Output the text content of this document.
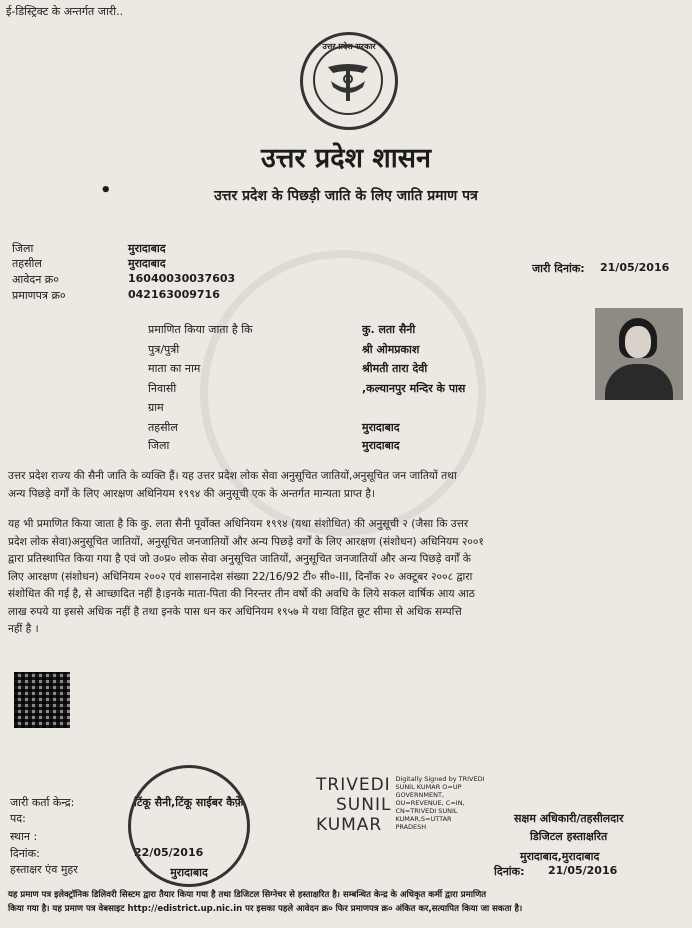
ई-डिस्ट्रिक्ट के अन्तर्गत जारी..
उत्तर प्रदेश सरकार
उत्तर प्रदेश शासन
•	उत्तर प्रदेश के पिछड़ी जाति के लिए जाति प्रमाण पत्र
जिला	मुरादाबाद
तहसील	मुरादाबाद
आवेदन क्र०	16040030037603
प्रमाणपत्र क्र०	042163009716
जारी दिनांक: 21/05/2016
प्रमाणित किया जाता है कि	कु. लता सैनी
पुत्र/पुत्री	श्री ओमप्रकाश
माता का नाम	श्रीमती तारा देवी
निवासी	,कल्यानपुर मन्दिर के पास
ग्राम
तहसील	मुरादाबाद
जिला	मुरादाबाद
उत्तर प्रदेश राज्य की सैनी जाति के व्यक्ति हैं। यह उत्तर प्रदेश लोक सेवा अनुसूचित जातियों,अनुसूचित जन जातियों तथा
अन्य पिछड़े वर्गों के लिए आरक्षण अधिनियम १९९४ की अनुसूची एक के अन्तर्गत मान्यता प्राप्त है।
यह भी प्रमाणित किया जाता है कि कु. लता सैनी पूर्वोक्त अधिनियम १९९४ (यथा संशोधित) की अनुसूची २ (जैसा कि उत्तर
प्रदेश लोक सेवा)अनुसूचित जातियों, अनुसूचित जनजातियों और अन्य पिछड़े वर्गों के लिए आरक्षण (संशोधन) अधिनियम २००१
द्वारा प्रतिस्थापित किया गया है एवं जो उ०प्र० लोक सेवा अनुसूचित जातियों, अनुसूचित जनजातियों और अन्य पिछड़े वर्गों के
लिए आरक्षण (संशोधन) अधिनियम २००२ एवं शासनादेश संख्या 22/16/92 टी० सी०-III, दिनाँक २० अक्टूबर २००८ द्वारा
संशोधित की गई है, से आच्छादित नहीं है।इनके माता-पिता की निरन्तर तीन वर्षो की अवधि के लिये सकल वार्षिक आय आठ
लाख रुपये या इससे अधिक नहीं है तथा इनके पास धन कर अधिनियम १९५७ मे यथा विहित छूट सीमा से अधिक सम्पत्ति
नहीं है ।
जारी कर्ता केन्द्र:	टिंकू सैनी,टिंकू साईबर कैफ़े
पद:
स्थान :
दिनांक:	22/05/2016
हस्ताक्षर एंव मुहर	मुरादाबाद
TRIVEDI
SUNIL
KUMAR
Digitally Signed by TRIVEDI
SUNIL KUMAR O=UP
GOVERNMENT,
OU=REVENUE, C=IN,
CN=TRIVEDI SUNIL
KUMAR,S=UTTAR
PRADESH
सक्षम अधिकारी/तहसीलदार
डिजिटल हस्ताक्षरित
मुरादाबाद,मुरादाबाद
दिनांक: 21/05/2016
यह प्रमाण पत्र इलेक्ट्रॉनिक डिलिवरी सिस्टम द्वारा तैयार किया गया है तथा डिजिटल सिग्नेचर से हस्ताक्षरित है। सम्बन्धित केन्द्र के अधिकृत कर्मी द्वारा प्रमाणित
किया गया है। यह प्रमाण पत्र वेबसाइट http://edistrict.up.nic.in पर इसका पहले आवेदन क्र० फिर प्रमाणपत्र क्र० अंकित कर,सत्यापित किया जा सकता है।
